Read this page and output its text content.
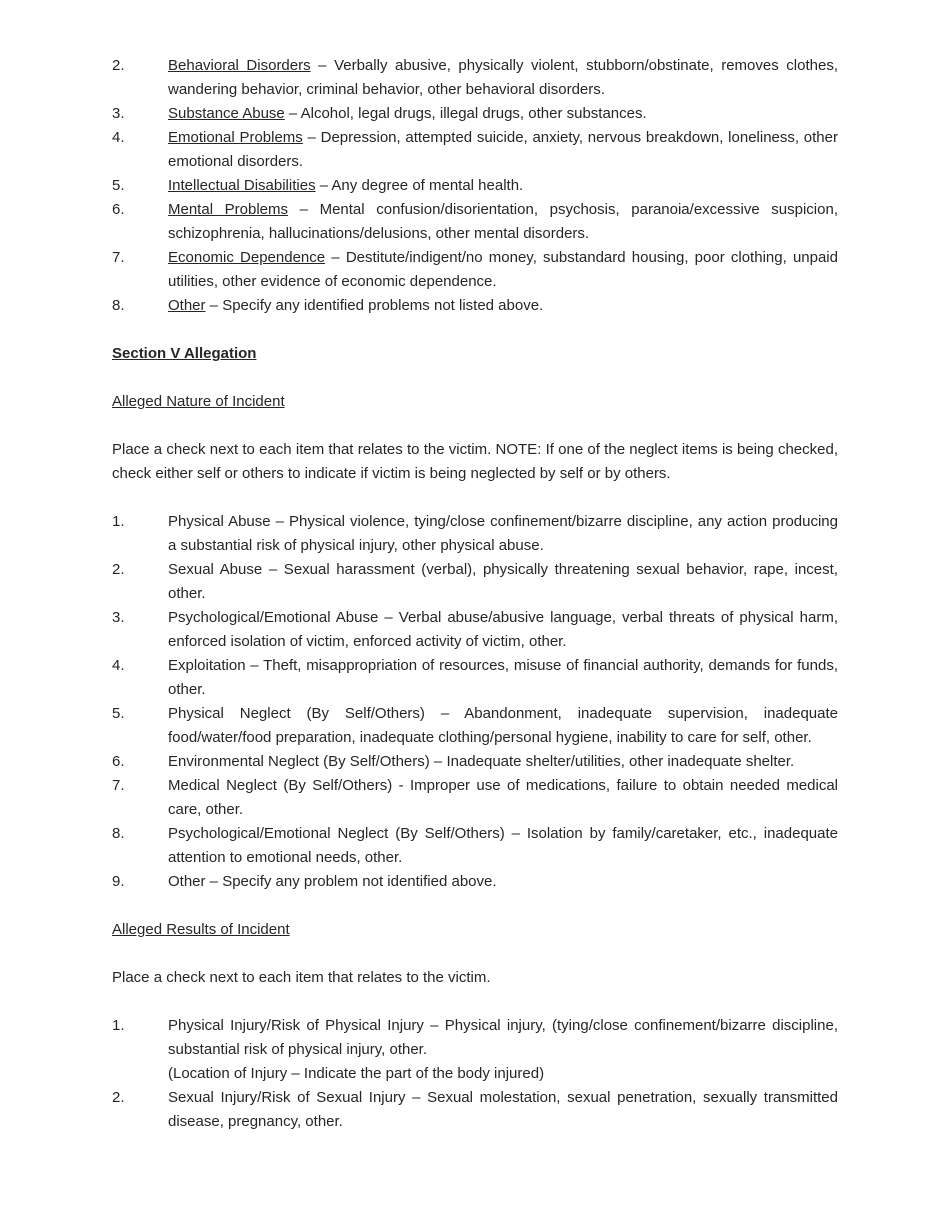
2.	Behavioral Disorders – Verbally abusive, physically violent, stubborn/obstinate, removes clothes, wandering behavior, criminal behavior, other behavioral disorders.
3.	Substance Abuse – Alcohol, legal drugs, illegal drugs, other substances.
4.	Emotional Problems – Depression, attempted suicide, anxiety, nervous breakdown, loneliness, other emotional disorders.
5.	Intellectual Disabilities – Any degree of mental health.
6.	Mental Problems – Mental confusion/disorientation, psychosis, paranoia/excessive suspicion, schizophrenia, hallucinations/delusions, other mental disorders.
7.	Economic Dependence – Destitute/indigent/no money, substandard housing, poor clothing, unpaid utilities, other evidence of economic dependence.
8.	Other – Specify any identified problems not listed above.

Section V Allegation

Alleged Nature of Incident

Place a check next to each item that relates to the victim. NOTE: If one of the neglect items is being checked, check either self or others to indicate if victim is being neglected by self or by others.

1.	Physical Abuse – Physical violence, tying/close confinement/bizarre discipline, any action producing a substantial risk of physical injury, other physical abuse.
2.	Sexual Abuse – Sexual harassment (verbal), physically threatening sexual behavior, rape, incest, other.
3.	Psychological/Emotional Abuse – Verbal abuse/abusive language, verbal threats of physical harm, enforced isolation of victim, enforced activity of victim, other.
4.	Exploitation – Theft, misappropriation of resources, misuse of financial authority, demands for funds, other.
5.	Physical Neglect (By Self/Others) – Abandonment, inadequate supervision, inadequate food/water/food preparation, inadequate clothing/personal hygiene, inability to care for self, other.
6.	Environmental Neglect (By Self/Others) – Inadequate shelter/utilities, other inadequate shelter.
7.	Medical Neglect (By Self/Others) - Improper use of medications, failure to obtain needed medical care, other.
8.	Psychological/Emotional Neglect (By Self/Others) – Isolation by family/caretaker, etc., inadequate attention to emotional needs, other.
9.	Other – Specify any problem not identified above.

Alleged Results of Incident

Place a check next to each item that relates to the victim.

1.	Physical Injury/Risk of Physical Injury – Physical injury, (tying/close confinement/bizarre discipline, substantial risk of physical injury, other.
(Location of Injury – Indicate the part of the body injured)
2.	Sexual Injury/Risk of Sexual Injury – Sexual molestation, sexual penetration, sexually transmitted disease, pregnancy, other.
